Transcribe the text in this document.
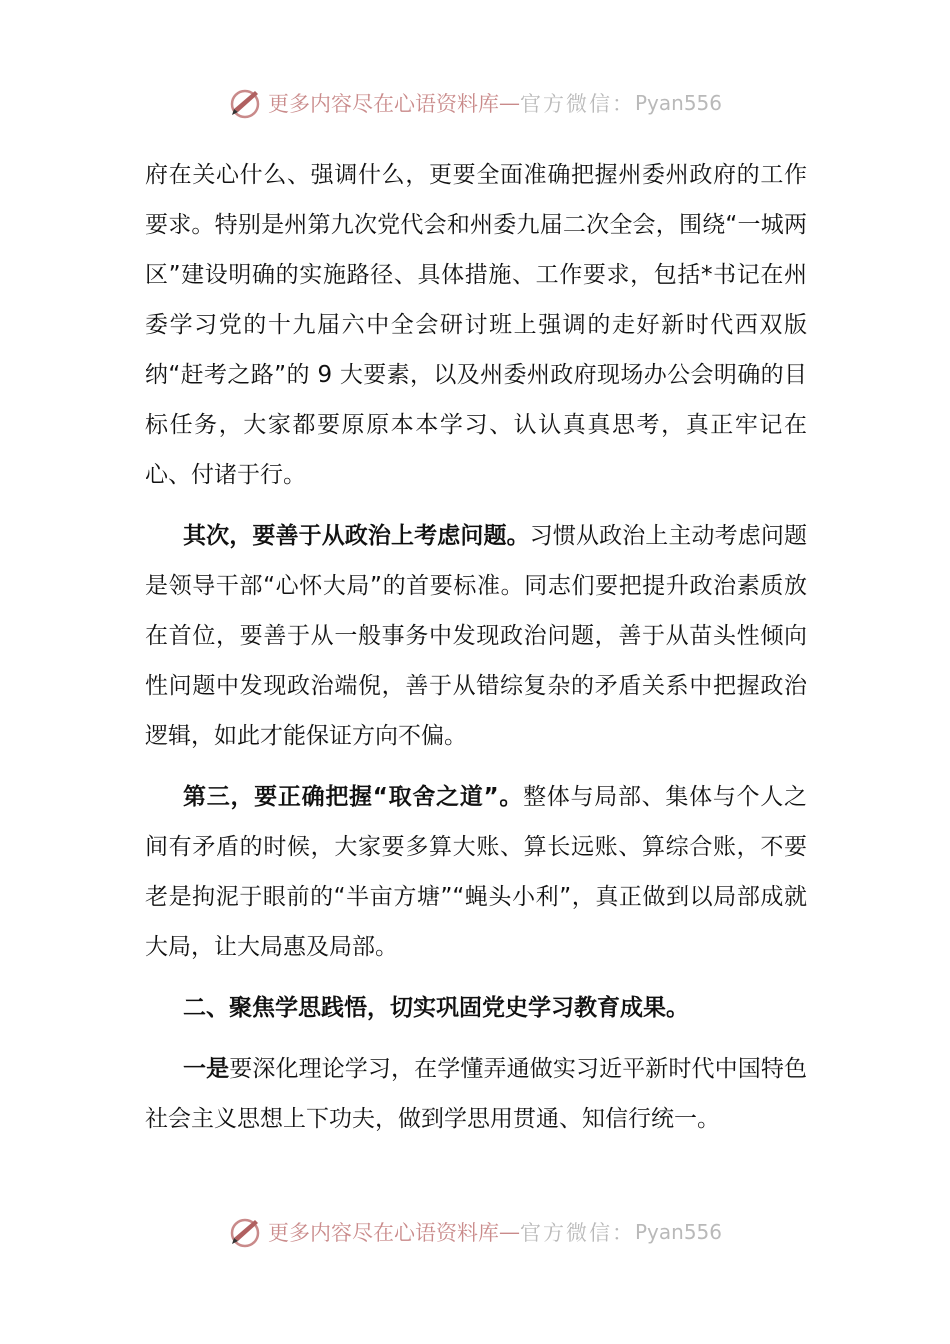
更多内容尽在心语资料库 — 官方微信： Pyan556

府在关心什么、强调什么，更要全面准确把握州委州政府的工作要求。特别是州第九次党代会和州委九届二次全会，围绕“一城两区”建设明确的实施路径、具体措施、工作要求，包括*书记在州委学习党的十九届六中全会研讨班上强调的走好新时代西双版纳“赶考之路”的 9 大要素，以及州委州政府现场办公会明确的目标任务，大家都要原原本本学习、认认真真思考，真正牢记在心、付诸于行。

其次，要善于从政治上考虑问题。习惯从政治上主动考虑问题是领导干部“心怀大局”的首要标准。同志们要把提升政治素质放在首位，要善于从一般事务中发现政治问题，善于从苗头性倾向性问题中发现政治端倪，善于从错综复杂的矛盾关系中把握政治逻辑，如此才能保证方向不偏。

第三，要正确把握“取舍之道”。整体与局部、集体与个人之间有矛盾的时候，大家要多算大账、算长远账、算综合账，不要老是拘泥于眼前的“半亩方塘”“蝇头小利”，真正做到以局部成就大局，让大局惠及局部。

二、聚焦学思践悟，切实巩固党史学习教育成果。

一是要深化理论学习，在学懂弄通做实习近平新时代中国特色社会主义思想上下功夫，做到学思用贯通、知信行统一。

更多内容尽在心语资料库 — 官方微信： Pyan556
